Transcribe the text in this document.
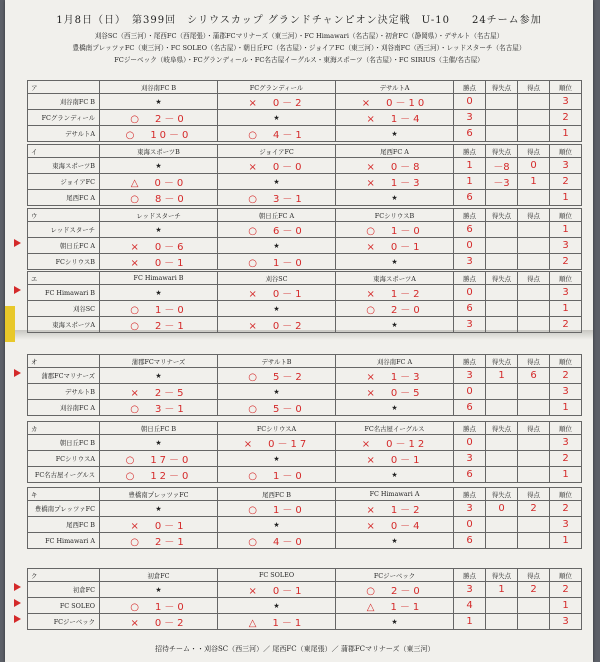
1月8日（日）　第399回　シリウスカップ グランドチャンピオン決定戦　U-10　　24チーム参加
刈谷SC（西三河）・尾西FC（西尾張）・蒲郡FCマリナーズ（東三河）・FC Himawari（名古屋）・初倉FC（静岡県）・デサルト（名古屋）
豊橋南プレッツァFC（東三河）・FC SOLEO（名古屋）・朝日丘FC（名古屋）・ジョイアFC（東三河）・刈谷南FC（西三河）・レッドスターチ（名古屋）
FCジーベック（岐阜県）・FCグランディール・FC名古屋イーグルス・東海スポーツ（名古屋）・FC SIRIUS（主催/名古屋）
ア	刈谷南FC B	FCグランディール	デサルトA	勝点	得失点	得点	順位
刈谷南FC B	★	×　0－2	×　0－10	0			3
FCグランディール	○　2－0	★	×　1－4	3			2
デサルトA	○　10－0	○　4－1	★	6			1
イ	東海スポーツB	ジョイアFC	尾西FC A	勝点	得失点	得点	順位
東海スポーツB	★	×　0－0	×　0－8	1	－8	0	3
ジョイアFC	△　0－0	★	×　1－3	1	－3	1	2
尾西FC A	○　8－0	○　3－1	★	6			1
ウ	レッドスターチ	朝日丘FC A	FCシリウスB	勝点	得失点	得点	順位
レッドスターチ	★	○　6－0	○　1－0	6			1
朝日丘FC A	×　0－6	★	×　0－1	0			3
FCシリウスB	×　0－1	○　1－0	★	3			2
エ	FC Himawari B	刈谷SC	東海スポーツA	勝点	得失点	得点	順位
FC Himawari B	★	×　0－1	×　1－2	0			3
刈谷SC	○　1－0	★	○　2－0	6			1
東海スポーツA	○　2－1	×　0－2	★	3			2
オ	蒲郡FCマリナーズ	デサルトB	刈谷南FC A	勝点	得失点	得点	順位
蒲郡FCマリナーズ	★	○　5－2	×　1－3	3	1	6	2
デサルトB	×　2－5	★	×　0－5	0			3
刈谷南FC A	○　3－1	○　5－0	★	6			1
カ	朝日丘FC B	FCシリウスA	FC名古屋イーグルス	勝点	得失点	得点	順位
朝日丘FC B	★	×　0－17	×　0－12	0			3
FCシリウスA	○　17－0	★	×　0－1	3			2
FC名古屋イーグルス	○　12－0	○　1－0	★	6			1
キ	豊橋南プレッツァFC	尾西FC B	FC Himawari A	勝点	得失点	得点	順位
豊橋南プレッツァFC	★	○　1－0	×　1－2	3	0	2	2
尾西FC B	×　0－1	★	×　0－4	0			3
FC Himawari A	○　2－1	○　4－0	★	6			1
ク	初倉FC	FC SOLEO	FCジーベック	勝点	得失点	得点	順位
初倉FC	★	×　0－1	○　2－0	3	1	2	2
FC SOLEO	○　1－0	★	△　1－1	4			1
FCジーベック	×　0－2	△　1－1	★	1			3
招待チーム・・刈谷SC（西三河）／ 尾西FC（東尾張）／ 蒲郡FCマリナーズ（東三河）
